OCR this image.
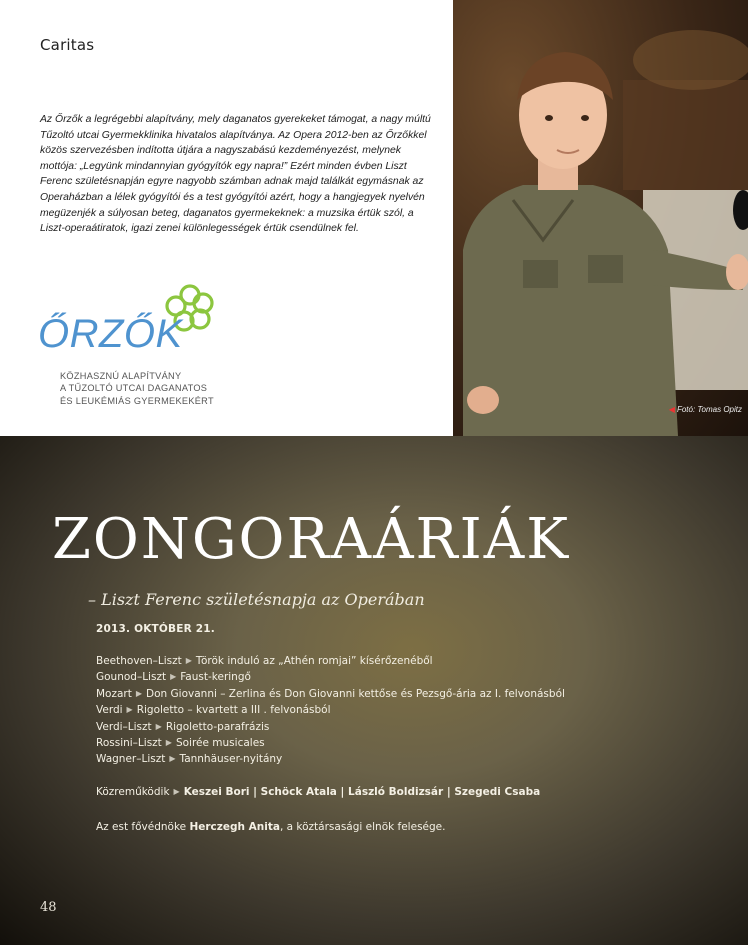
Caritas

Az Őrzők a legrégebbi alapítvány, mely daganatos gyerekeket támogat, a nagy múltú Tűzoltó utcai Gyermekklinika hivatalos alapítványa. Az Opera 2012-ben az Őrzőkkel közös szervezésben indította útjára a nagyszabású kezdeményezést, melynek mottója: „Legyünk mindannyian gyógyítók egy napra!” Ezért minden évben Liszt Ferenc születésnapján egyre nagyobb számban adnak majd találkát egymásnak az Operaházban a lélek gyógyítói és a test gyógyítói azért, hogy a hangjegyek nyelvén megüzenjék a súlyosan beteg, daganatos gyermekeknek: a muzsika értük szól, a Liszt-operaátiratok, igazi zenei különlegességek értük csendülnek fel.

ŐRZŐK
KÖZHASZNÚ ALAPÍTVÁNY
A TŰZOLTÓ UTCAI DAGANATOS
ÉS LEUKÉMIÁS GYERMEKEKÉRT
◀ Fotó: Tomas Opitz
ZONGORAÁRIÁK
– Liszt Ferenc születésnapja az Operában
2013. OKTÓBER 21.
Beethoven–Liszt ▶ Török induló az „Athén romjai” kísérőzenéből
Gounod–Liszt ▶ Faust-keringő
Mozart ▶ Don Giovanni – Zerlina és Don Giovanni kettőse és Pezsgő-ária az I. felvonásból
Verdi ▶ Rigoletto – kvartett a III . felvonásból
Verdi–Liszt ▶ Rigoletto-parafrázis
Rossini–Liszt ▶ Soirée musicales
Wagner–Liszt ▶ Tannhäuser-nyitány
Közreműködik ▶ Keszei Bori | Schöck Atala | László Boldizsár | Szegedi Csaba
Az est fővédnöke Herczegh Anita, a köztársasági elnök felesége.
48
